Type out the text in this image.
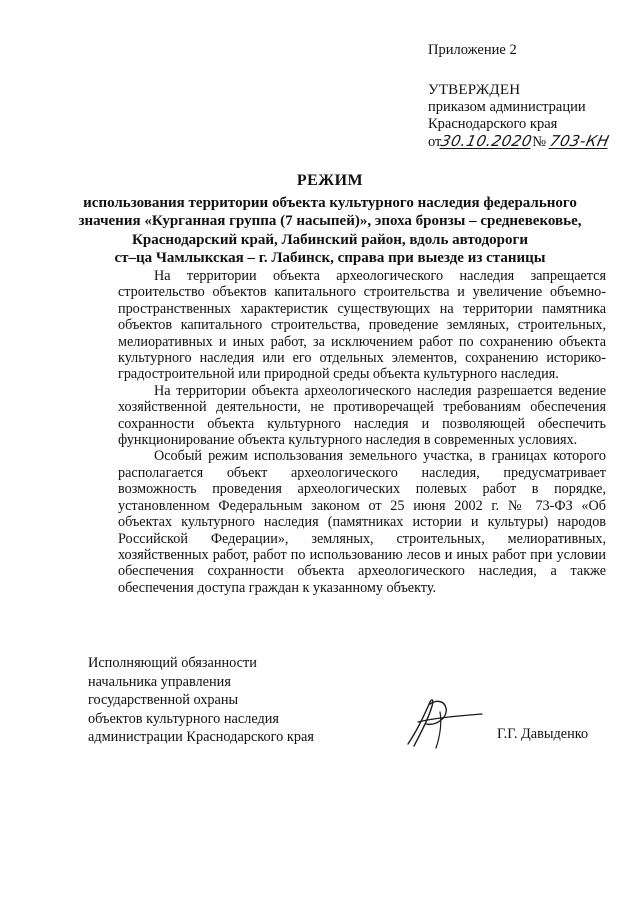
Приложение 2
УТВЕРЖДЕН
приказом администрации
Краснодарского края
от30.10.2020№ 703-КН
РЕЖИМ
использования территории объекта культурного наследия федерального
значения «Курганная группа (7 насыпей)», эпоха бронзы – средневековье,
Краснодарский край, Лабинский район, вдоль автодороги
ст–ца Чамлыкская – г. Лабинск, справа при выезде из станицы

На территории объекта археологического наследия запрещается строительство объектов капитального строительства и увеличение объемно-пространственных характеристик существующих на территории памятника объектов капитального строительства, проведение земляных, строительных, мелиоративных и иных работ, за исключением работ по сохранению объекта культурного наследия или его отдельных элементов, сохранению историко-градостроительной или природной среды объекта культурного наследия.

На территории объекта археологического наследия разрешается ведение хозяйственной деятельности, не противоречащей требованиям обеспечения сохранности объекта культурного наследия и позволяющей обеспечить функционирование объекта культурного наследия в современных условиях.

Особый режим использования земельного участка, в границах которого располагается объект археологического наследия, предусматривает возможность проведения археологических полевых работ в порядке, установленном Федеральным законом от 25 июня 2002 г. № 73-ФЗ «Об объектах культурного наследия (памятниках истории и культуры) народов Российской Федерации», земляных, строительных, мелиоративных, хозяйственных работ, работ по использованию лесов и иных работ при условии обеспечения сохранности объекта археологического наследия, а также обеспечения доступа граждан к указанному объекту.

Исполняющий обязанности
начальника управления
государственной охраны
объектов культурного наследия
администрации Краснодарского края	Г.Г. Давыденко
